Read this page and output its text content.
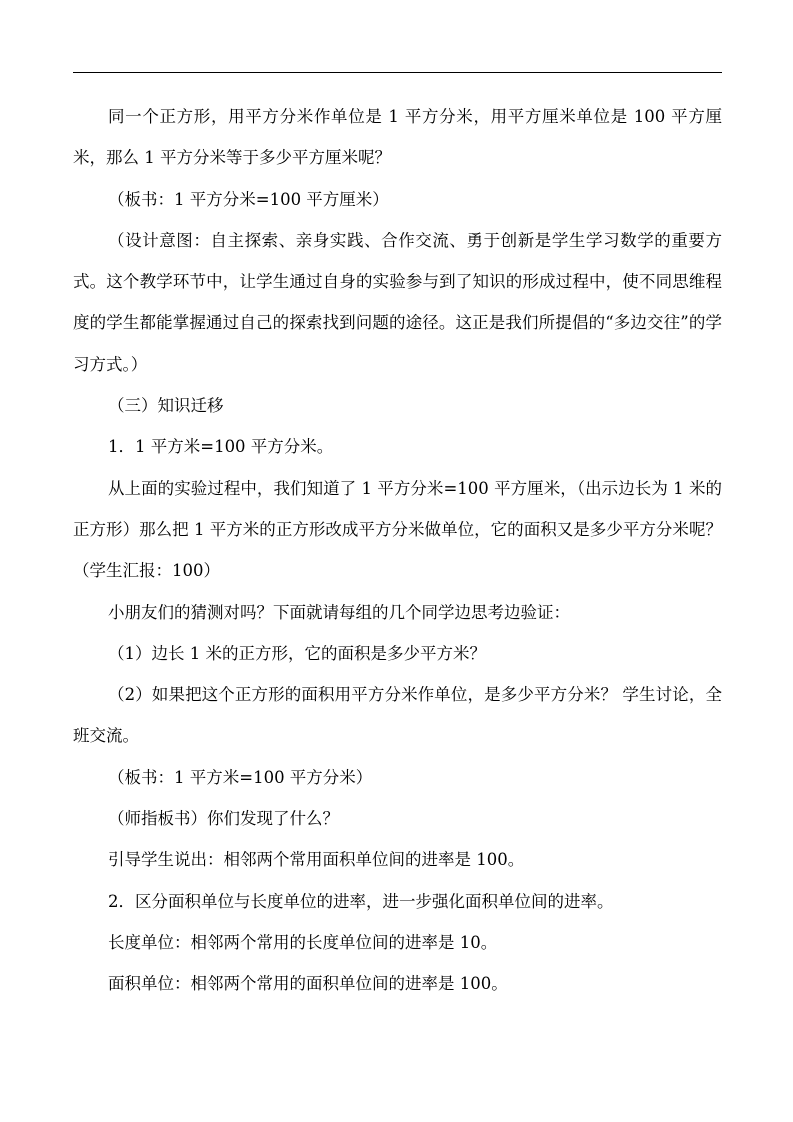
同一个正方形，用平方分米作单位是 1 平方分米，用平方厘米单位是 100 平方厘米，那么 1 平方分米等于多少平方厘米呢？

（板书：1 平方分米=100 平方厘米）

（设计意图：自主探索、亲身实践、合作交流、勇于创新是学生学习数学的重要方式。这个教学环节中，让学生通过自身的实验参与到了知识的形成过程中，使不同思维程度的学生都能掌握通过自己的探索找到问题的途径。这正是我们所提倡的“多边交往”的学习方式。）

（三）知识迁移

1．1 平方米=100 平方分米。

从上面的实验过程中，我们知道了 1 平方分米=100 平方厘米，（出示边长为 1 米的正方形）那么把 1 平方米的正方形改成平方分米做单位，它的面积又是多少平方分米呢？（学生汇报：100）

小朋友们的猜测对吗？下面就请每组的几个同学边思考边验证：

（1）边长 1 米的正方形，它的面积是多少平方米？

（2）如果把这个正方形的面积用平方分米作单位，是多少平方分米？ 学生讨论，全班交流。

（板书：1 平方米=100 平方分米）

（师指板书）你们发现了什么？

引导学生说出：相邻两个常用面积单位间的进率是 100。

2．区分面积单位与长度单位的进率，进一步强化面积单位间的进率。

长度单位：相邻两个常用的长度单位间的进率是 10。

面积单位：相邻两个常用的面积单位间的进率是 100。
